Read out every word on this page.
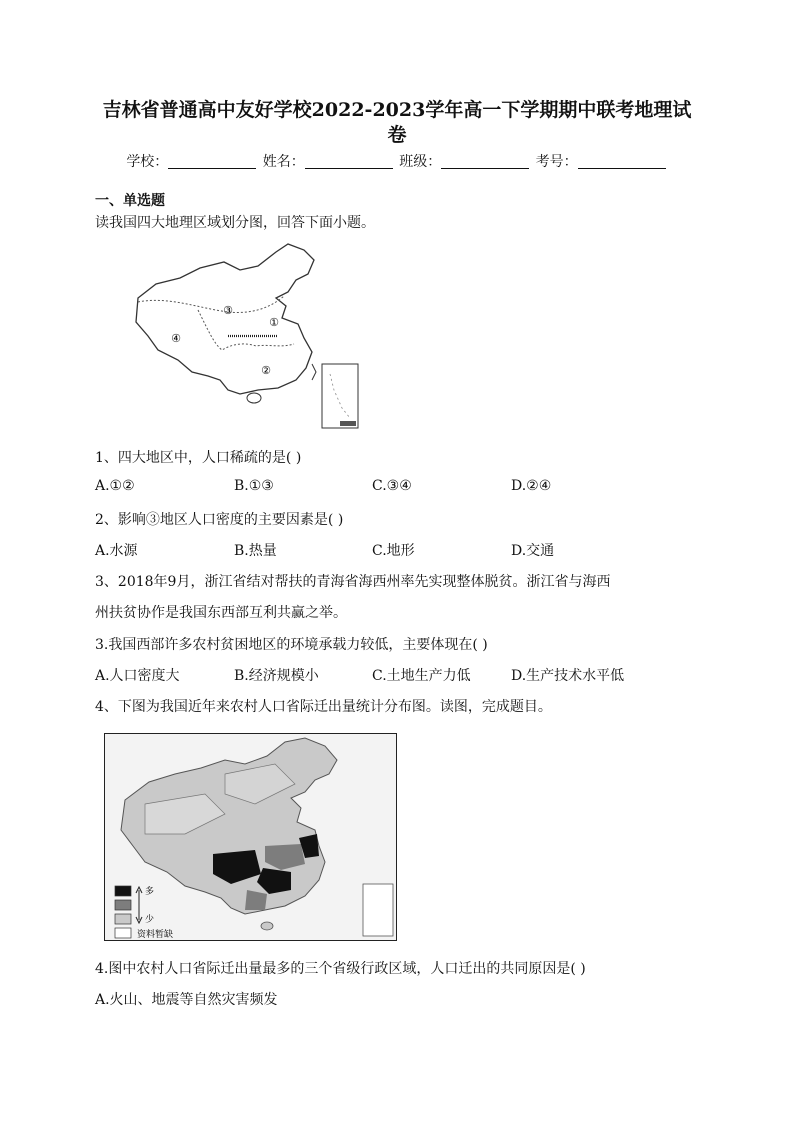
吉林省普通高中友好学校2022-2023学年高一下学期期中联考地理试
卷
学校：	姓名：	班级：	考号：
一、单选题
读我国四大地理区域划分图，回答下面小题。
③
①
④
②
1、四大地区中，人口稀疏的是( )
A.①②	B.①③	C.③④	D.②④
2、影响③地区人口密度的主要因素是( )
A.水源	B.热量	C.地形	D.交通
3、2018年9月，浙江省结对帮扶的青海省海西州率先实现整体脱贫。浙江省与海西
州扶贫协作是我国东西部互利共赢之举。
3.我国西部许多农村贫困地区的环境承载力较低，主要体现在( )
A.人口密度大	B.经济规模小	C.土地生产力低	D.生产技术水平低
4、下图为我国近年来农村人口省际迁出量统计分布图。读图，完成题目。
多
少
资料暂缺
4.图中农村人口省际迁出量最多的三个省级行政区域，人口迁出的共同原因是( )
A.火山、地震等自然灾害频发
